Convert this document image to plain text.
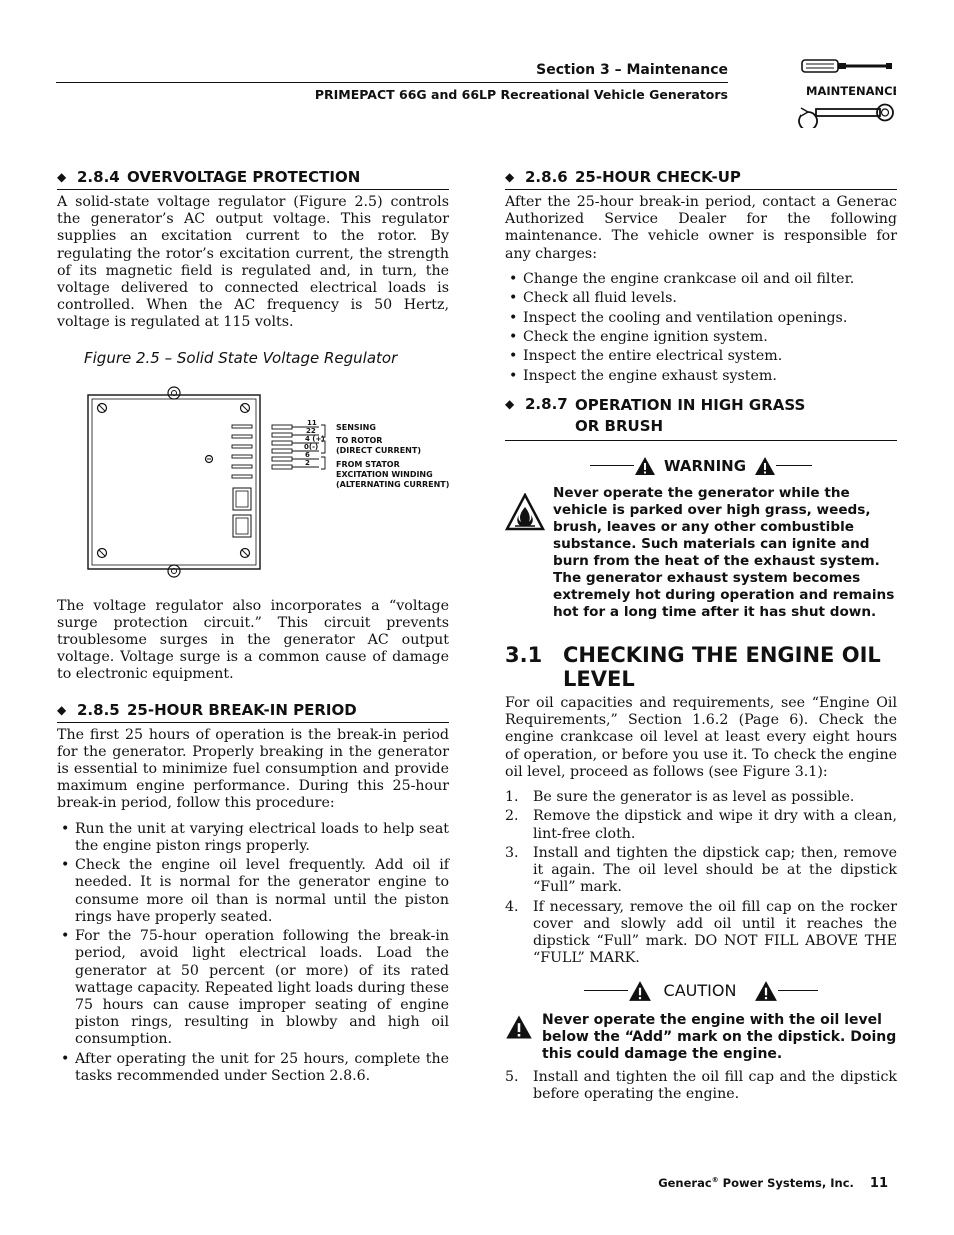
Section 3 – Maintenance
PRIMEPACT 66G and 66LP Recreational Vehicle Generators	MAINTENANCE
◆ 2.8.4 OVERVOLTAGE PROTECTION

A solid-state voltage regulator (Figure 2.5) controls the generator’s AC output voltage. This regulator supplies an excitation current to the rotor. By regulating the rotor’s excitation current, the strength of its magnetic field is regulated and, in turn, the voltage delivered to connected electrical loads is controlled. When the AC frequency is 50 Hertz, voltage is regulated at 115 volts.

Figure 2.5 – Solid State Voltage Regulator

11
22
4 (+)
0(-)
6
2
SENSING
TO ROTOR
(DIRECT CURRENT)
FROM STATOR
EXCITATION WINDING
(ALTERNATING CURRENT)

The voltage regulator also incorporates a “voltage surge protection circuit.” This circuit prevents troublesome surges in the generator AC output voltage. Voltage surge is a common cause of damage to electronic equipment.

◆ 2.8.5 25-HOUR BREAK-IN PERIOD

The first 25 hours of operation is the break-in period for the generator. Properly breaking in the generator is essential to minimize fuel consumption and provide maximum engine performance. During this 25-hour break-in period, follow this procedure:

• Run the unit at varying electrical loads to help seat the engine piston rings properly.
• Check the engine oil level frequently. Add oil if needed. It is normal for the generator engine to consume more oil than is normal until the piston rings have properly seated.
• For the 75-hour operation following the break-in period, avoid light electrical loads. Load the generator at 50 percent (or more) of its rated wattage capacity. Repeated light loads during these 75 hours can cause improper seating of engine piston rings, resulting in blowby and high oil consumption.
• After operating the unit for 25 hours, complete the tasks recommended under Section 2.8.6.
◆ 2.8.6 25-HOUR CHECK-UP

After the 25-hour break-in period, contact a Generac Authorized Service Dealer for the following maintenance. The vehicle owner is responsible for any charges:

• Change the engine crankcase oil and oil filter.
• Check all fluid levels.
• Inspect the cooling and ventilation openings.
• Check the engine ignition system.
• Inspect the entire electrical system.
• Inspect the engine exhaust system.
◆ 2.8.7 OPERATION IN HIGH GRASS
OR BRUSH
WARNING

Never operate the generator while the vehicle is parked over high grass, weeds, brush, leaves or any other combustible substance. Such materials can ignite and burn from the heat of the exhaust system. The generator exhaust system becomes extremely hot during operation and remains hot for a long time after it has shut down.

3.1 CHECKING THE ENGINE OIL
LEVEL

For oil capacities and requirements, see “Engine Oil Requirements,” Section 1.6.2 (Page 6). Check the engine crankcase oil level at least every eight hours of operation, or before you use it. To check the engine oil level, proceed as follows (see Figure 3.1):

1.	Be sure the generator is as level as possible.
2.	Remove the dipstick and wipe it dry with a clean, lint-free cloth.
3.	Install and tighten the dipstick cap; then, remove it again. The oil level should be at the dipstick “Full” mark.
4.	If necessary, remove the oil fill cap on the rocker cover and slowly add oil until it reaches the dipstick “Full” mark. DO NOT FILL ABOVE THE “FULL” MARK.
CAUTION

Never operate the engine with the oil level below the “Add” mark on the dipstick. Doing this could damage the engine.

5.	Install and tighten the oil fill cap and the dipstick before operating the engine.
Generac® Power Systems, Inc. 11
